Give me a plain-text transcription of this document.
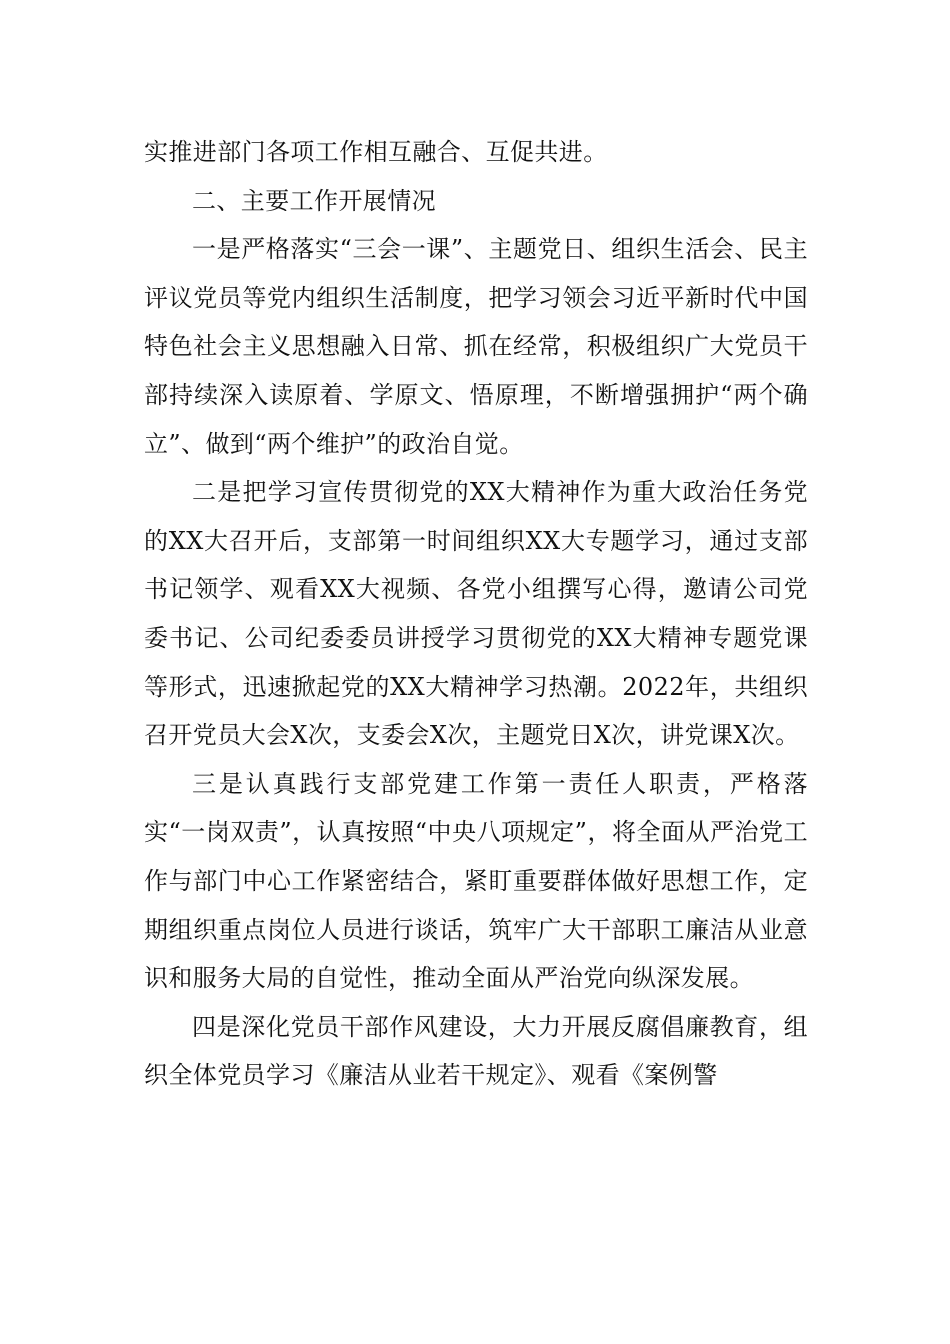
实推进部门各项工作相互融合、互促共进。

二、主要工作开展情况

一是严格落实“三会一课”、主题党日、组织生活会、民主评议党员等党内组织生活制度，把学习领会习近平新时代中国特色社会主义思想融入日常、抓在经常，积极组织广大党员干部持续深入读原着、学原文、悟原理，不断增强拥护“两个确立”、做到“两个维护”的政治自觉。

二是把学习宣传贯彻党的XX大精神作为重大政治任务党的XX大召开后，支部第一时间组织XX大专题学习，通过支部书记领学、观看XX大视频、各党小组撰写心得，邀请公司党委书记、公司纪委委员讲授学习贯彻党的XX大精神专题党课等形式，迅速掀起党的XX大精神学习热潮。2022年，共组织召开党员大会X次，支委会X次，主题党日X次，讲党课X次。

三是认真践行支部党建工作第一责任人职责，严格落实“一岗双责”，认真按照“中央八项规定”，将全面从严治党工作与部门中心工作紧密结合，紧盯重要群体做好思想工作，定期组织重点岗位人员进行谈话，筑牢广大干部职工廉洁从业意识和服务大局的自觉性，推动全面从严治党向纵深发展。

四是深化党员干部作风建设，大力开展反腐倡廉教育，组织全体党员学习《廉洁从业若干规定》、观看《案例警
